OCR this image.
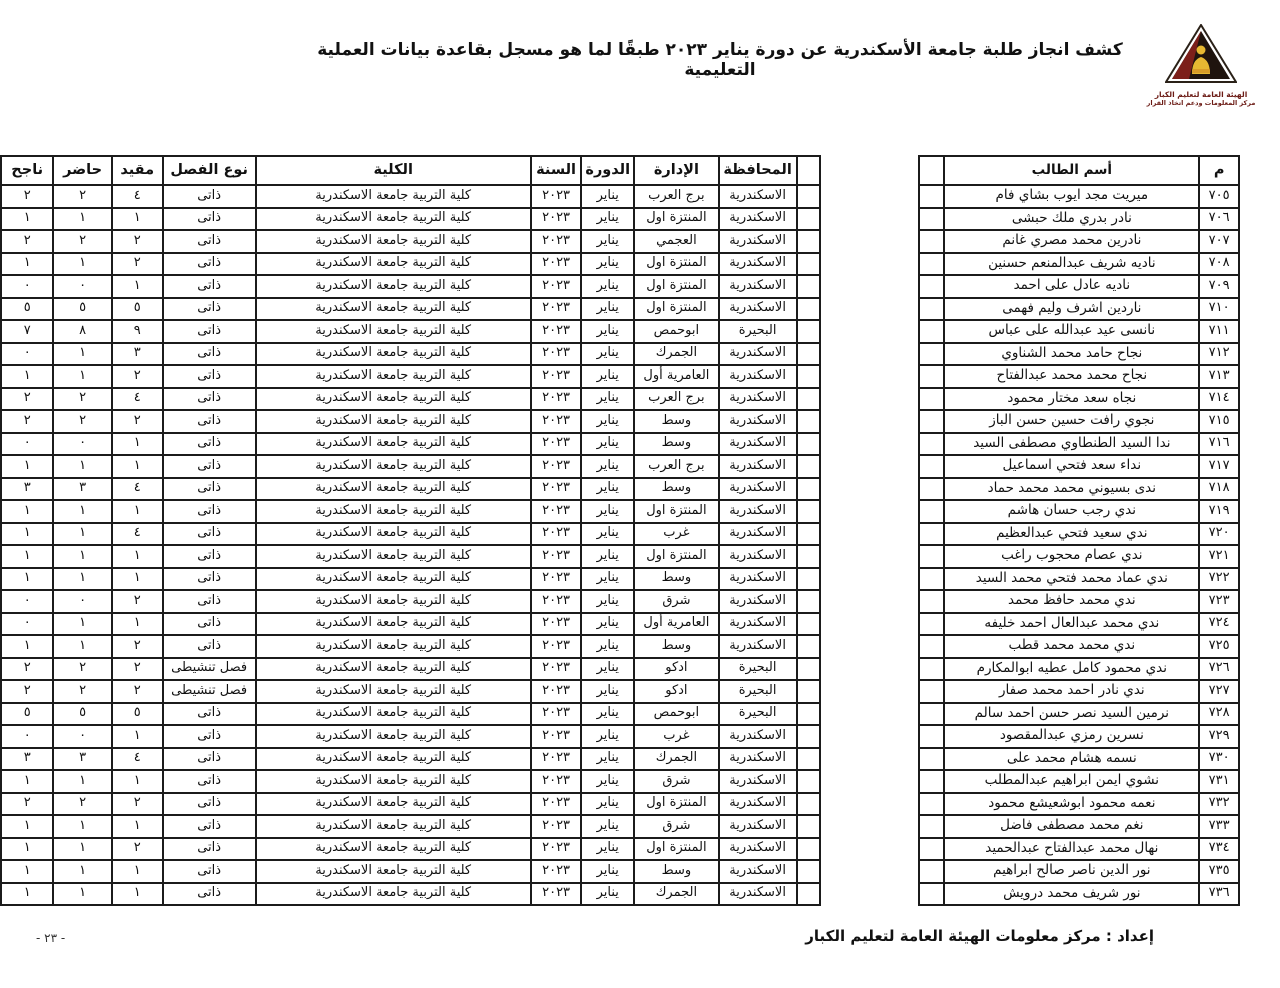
الهيئة العامة لتعليم الكبار
مركز المعلومات ودعم اتخاذ القرار
كشف انجاز طلبة جامعة الأسكندرية عن دورة يناير ٢٠٢٣ طبقًا لما هو مسجل بقاعدة بيانات العملية التعليمية
م	أسم الطالب	
٧٠٥	ميريت مجد ايوب بشاي فام	
٧٠٦	نادر بدري ملك حبشى	
٧٠٧	نادرين محمد مصري غانم	
٧٠٨	ناديه شريف عبدالمنعم حسنين	
٧٠٩	ناديه عادل على احمد	
٧١٠	ناردين اشرف وليم فهمى	
٧١١	نانسى عيد عبدالله على عباس	
٧١٢	نجاح حامد محمد الشناوي	
٧١٣	نجاح محمد محمد عبدالفتاح	
٧١٤	نجاه سعد مختار محمود	
٧١٥	نجوي رافت حسين حسن الباز	
٧١٦	ندا السيد الطنطاوي مصطفى السيد	
٧١٧	نداء سعد فتحي اسماعيل	
٧١٨	ندى بسيوني محمد محمد حماد	
٧١٩	ندي رجب حسان هاشم	
٧٢٠	ندي سعيد فتحي عبدالعظيم	
٧٢١	ندي عصام محجوب راغب	
٧٢٢	ندي عماد محمد فتحي محمد السيد	
٧٢٣	ندي محمد حافظ محمد	
٧٢٤	ندي محمد عبدالعال احمد خليفه	
٧٢٥	ندي محمد محمد قطب	
٧٢٦	ندي محمود كامل عطيه ابوالمكارم	
٧٢٧	ندي نادر احمد محمد صفار	
٧٢٨	نرمين السيد نصر حسن احمد سالم	
٧٢٩	نسرين رمزي عبدالمقصود	
٧٣٠	نسمه هشام محمد على	
٧٣١	نشوي ايمن ابراهيم عبدالمطلب	
٧٣٢	نعمه محمود ابوشعيشع محمود	
٧٣٣	نغم محمد مصطفى فاضل	
٧٣٤	نهال محمد عبدالفتاح عبدالحميد	
٧٣٥	نور الدين ناصر صالح ابراهيم	
٧٣٦	نور شريف محمد درويش	
	المحافظة	الإدارة	الدورة	السنة	الكلية	نوع الفصل	مقيد	حاضر	ناجح
	الاسكندرية	برج العرب	يناير	٢٠٢٣	كلية التربية جامعة الاسكندرية	ذاتى	٤	٢	٢
	الاسكندرية	المنتزة اول	يناير	٢٠٢٣	كلية التربية جامعة الاسكندرية	ذاتى	١	١	١
	الاسكندرية	العجمي	يناير	٢٠٢٣	كلية التربية جامعة الاسكندرية	ذاتى	٢	٢	٢
	الاسكندرية	المنتزة اول	يناير	٢٠٢٣	كلية التربية جامعة الاسكندرية	ذاتى	٢	١	١
	الاسكندرية	المنتزة اول	يناير	٢٠٢٣	كلية التربية جامعة الاسكندرية	ذاتى	١	٠	٠
	الاسكندرية	المنتزة اول	يناير	٢٠٢٣	كلية التربية جامعة الاسكندرية	ذاتى	٥	٥	٥
	البحيرة	ابوحمص	يناير	٢٠٢٣	كلية التربية جامعة الاسكندرية	ذاتى	٩	٨	٧
	الاسكندرية	الجمرك	يناير	٢٠٢٣	كلية التربية جامعة الاسكندرية	ذاتى	٣	١	٠
	الاسكندرية	العامرية أول	يناير	٢٠٢٣	كلية التربية جامعة الاسكندرية	ذاتى	٢	١	١
	الاسكندرية	برج العرب	يناير	٢٠٢٣	كلية التربية جامعة الاسكندرية	ذاتى	٤	٢	٢
	الاسكندرية	وسط	يناير	٢٠٢٣	كلية التربية جامعة الاسكندرية	ذاتى	٢	٢	٢
	الاسكندرية	وسط	يناير	٢٠٢٣	كلية التربية جامعة الاسكندرية	ذاتى	١	٠	٠
	الاسكندرية	برج العرب	يناير	٢٠٢٣	كلية التربية جامعة الاسكندرية	ذاتى	١	١	١
	الاسكندرية	وسط	يناير	٢٠٢٣	كلية التربية جامعة الاسكندرية	ذاتى	٤	٣	٣
	الاسكندرية	المنتزة اول	يناير	٢٠٢٣	كلية التربية جامعة الاسكندرية	ذاتى	١	١	١
	الاسكندرية	غرب	يناير	٢٠٢٣	كلية التربية جامعة الاسكندرية	ذاتى	٤	١	١
	الاسكندرية	المنتزة اول	يناير	٢٠٢٣	كلية التربية جامعة الاسكندرية	ذاتى	١	١	١
	الاسكندرية	وسط	يناير	٢٠٢٣	كلية التربية جامعة الاسكندرية	ذاتى	١	١	١
	الاسكندرية	شرق	يناير	٢٠٢٣	كلية التربية جامعة الاسكندرية	ذاتى	٢	٠	٠
	الاسكندرية	العامرية أول	يناير	٢٠٢٣	كلية التربية جامعة الاسكندرية	ذاتى	١	١	٠
	الاسكندرية	وسط	يناير	٢٠٢٣	كلية التربية جامعة الاسكندرية	ذاتى	٢	١	١
	البحيرة	ادكو	يناير	٢٠٢٣	كلية التربية جامعة الاسكندرية	فصل تنشيطى	٢	٢	٢
	البحيرة	ادكو	يناير	٢٠٢٣	كلية التربية جامعة الاسكندرية	فصل تنشيطى	٢	٢	٢
	البحيرة	ابوحمص	يناير	٢٠٢٣	كلية التربية جامعة الاسكندرية	ذاتى	٥	٥	٥
	الاسكندرية	غرب	يناير	٢٠٢٣	كلية التربية جامعة الاسكندرية	ذاتى	١	٠	٠
	الاسكندرية	الجمرك	يناير	٢٠٢٣	كلية التربية جامعة الاسكندرية	ذاتى	٤	٣	٣
	الاسكندرية	شرق	يناير	٢٠٢٣	كلية التربية جامعة الاسكندرية	ذاتى	١	١	١
	الاسكندرية	المنتزة اول	يناير	٢٠٢٣	كلية التربية جامعة الاسكندرية	ذاتى	٢	٢	٢
	الاسكندرية	شرق	يناير	٢٠٢٣	كلية التربية جامعة الاسكندرية	ذاتى	١	١	١
	الاسكندرية	المنتزة اول	يناير	٢٠٢٣	كلية التربية جامعة الاسكندرية	ذاتى	٢	١	١
	الاسكندرية	وسط	يناير	٢٠٢٣	كلية التربية جامعة الاسكندرية	ذاتى	١	١	١
	الاسكندرية	الجمرك	يناير	٢٠٢٣	كلية التربية جامعة الاسكندرية	ذاتى	١	١	١
إعداد : مركز معلومات الهيئة العامة لتعليم الكبار
- ٢٣ -
